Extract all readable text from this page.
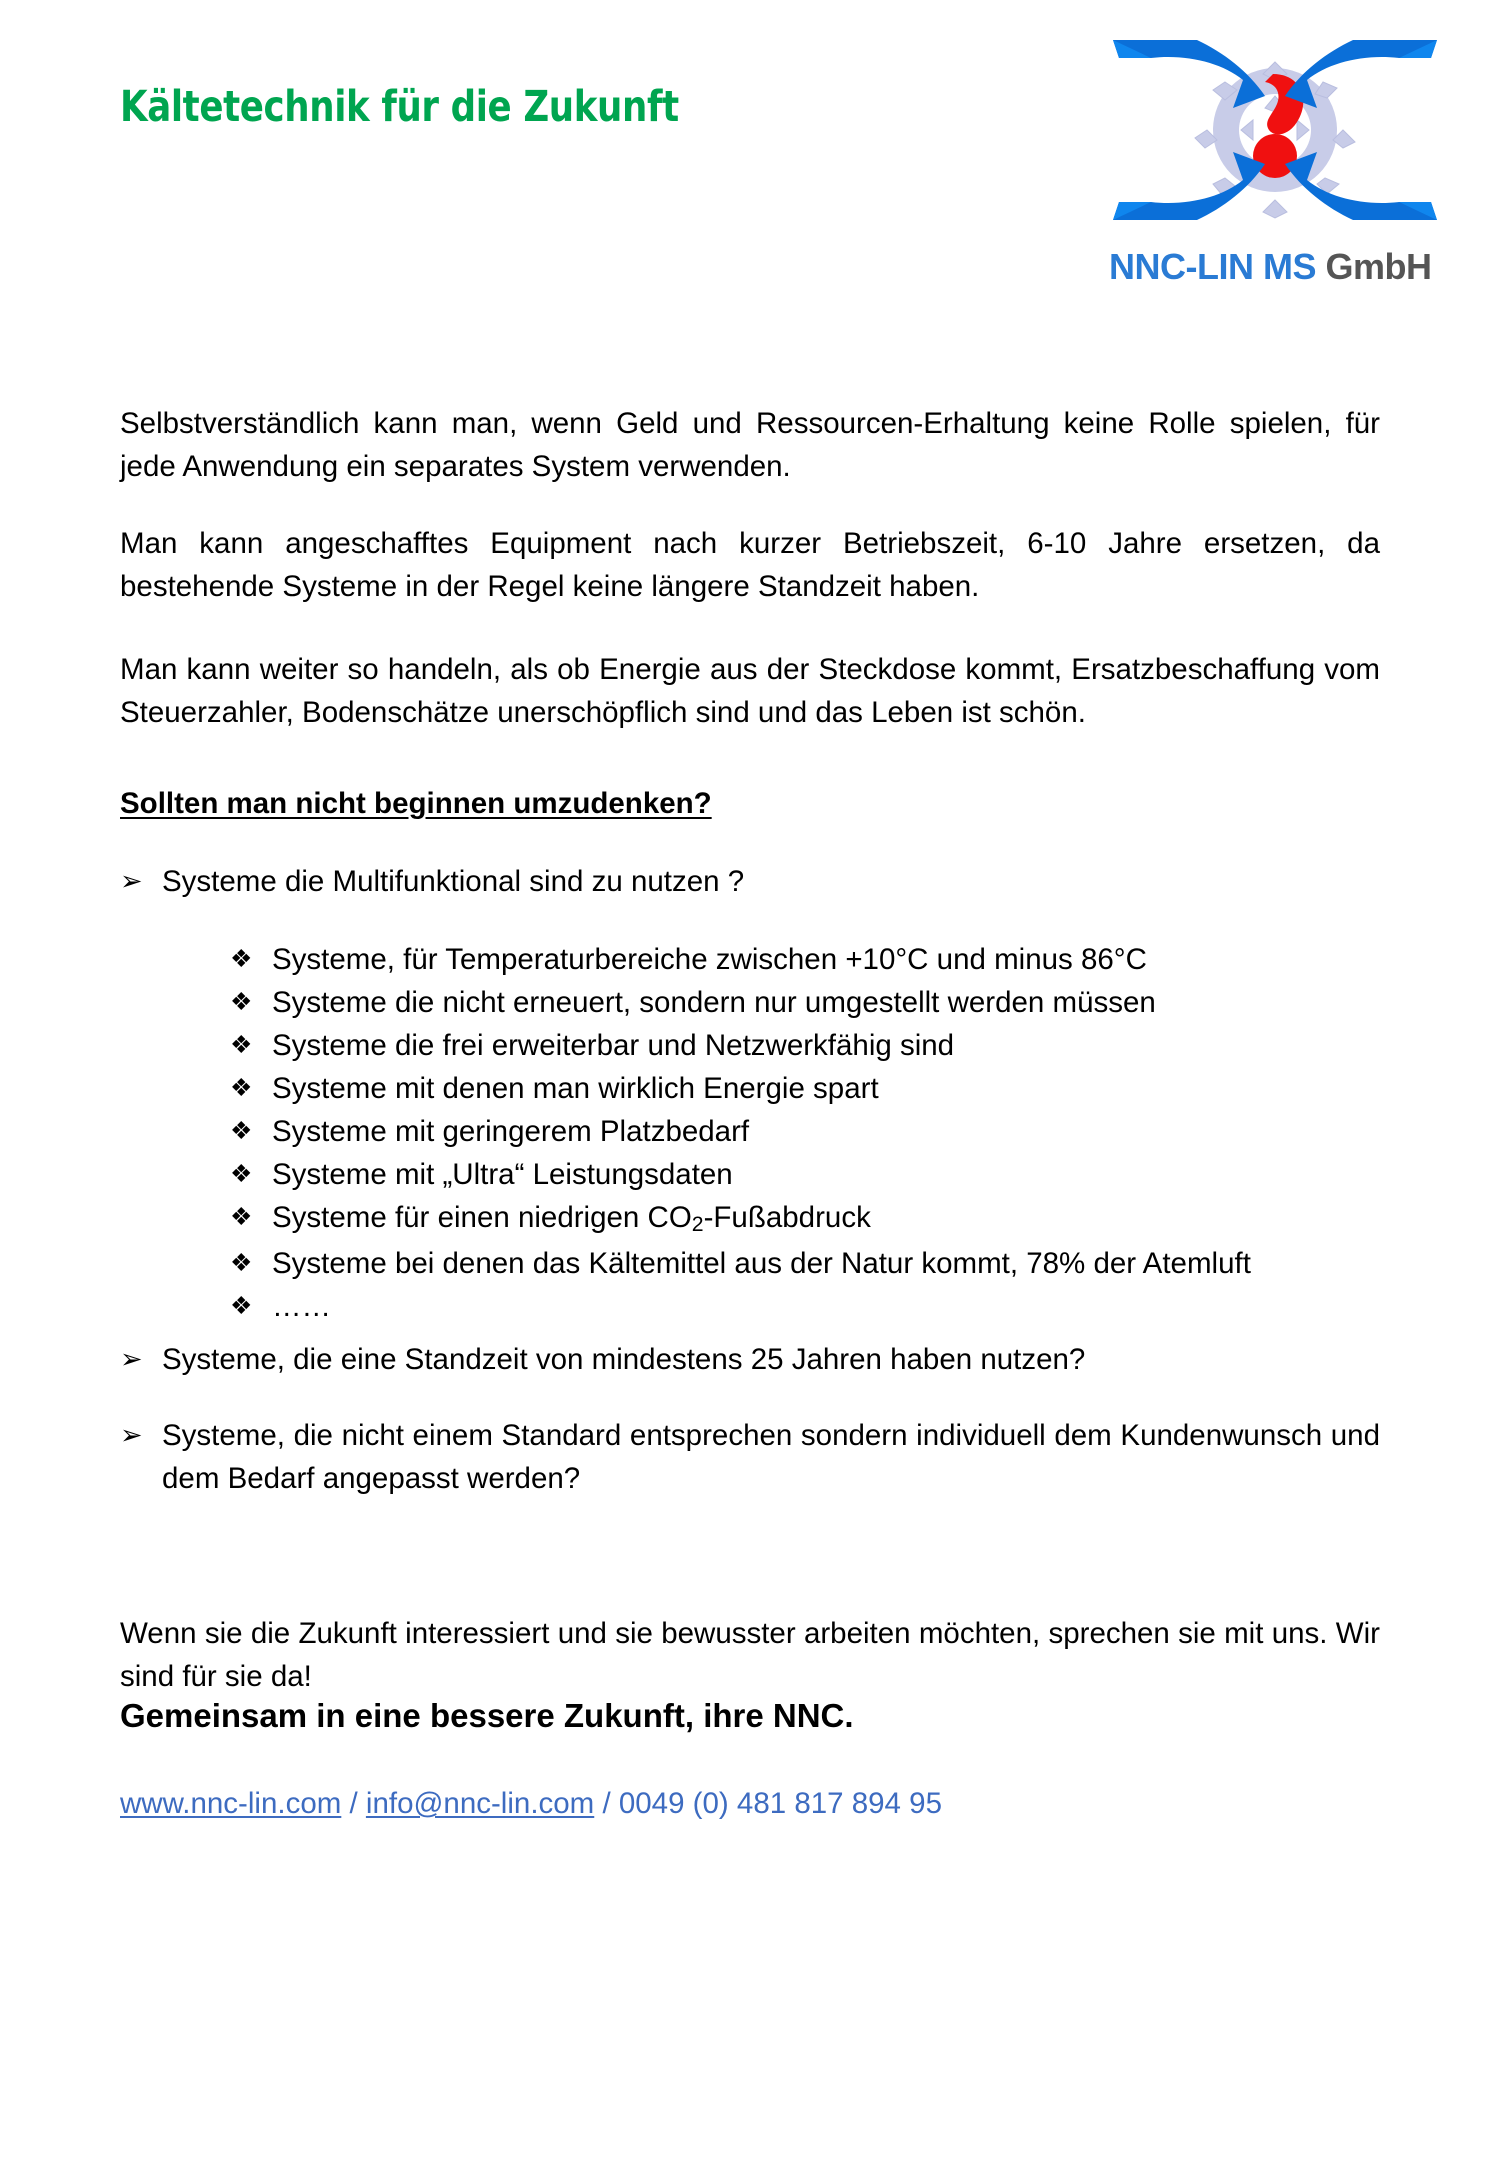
Kältetechnik für die Zukunft
NNC-LIN MS GmbH

Selbstverständlich kann man, wenn Geld und Ressourcen-Erhaltung keine Rolle spielen, für jede Anwendung ein separates System verwenden.

Man kann angeschafftes Equipment nach kurzer Betriebszeit, 6-10 Jahre ersetzen, da bestehende Systeme in der Regel keine längere Standzeit haben.

Man kann weiter so handeln, als ob Energie aus der Steckdose kommt, Ersatzbeschaffung vom Steuerzahler, Bodenschätze unerschöpflich sind und das Leben ist schön.

Sollten man nicht beginnen umzudenken?
➢ Systeme die Multifunktional sind zu nutzen ?
❖ Systeme, für Temperaturbereiche zwischen +10°C und minus 86°C
❖ Systeme die nicht erneuert, sondern nur umgestellt werden müssen
❖ Systeme die frei erweiterbar und Netzwerkfähig sind
❖ Systeme mit denen man wirklich Energie spart
❖ Systeme mit geringerem Platzbedarf
❖ Systeme mit „Ultra“ Leistungsdaten
❖ Systeme für einen niedrigen $CO_2$-Fußabdruck
❖ Systeme bei denen das Kältemittel aus der Natur kommt, 78% der Atemluft
❖ ……
➢ Systeme, die eine Standzeit von mindestens 25 Jahren haben nutzen?
➢ Systeme, die nicht einem Standard entsprechen sondern individuell dem Kundenwunsch und dem Bedarf angepasst werden?

Wenn sie die Zukunft interessiert und sie bewusster arbeiten möchten, sprechen sie mit uns. Wir sind für sie da!

Gemeinsam in eine bessere Zukunft, ihre NNC.
www.nnc-lin.com / info@nnc-lin.com / 0049 (0) 481 817 894 95
